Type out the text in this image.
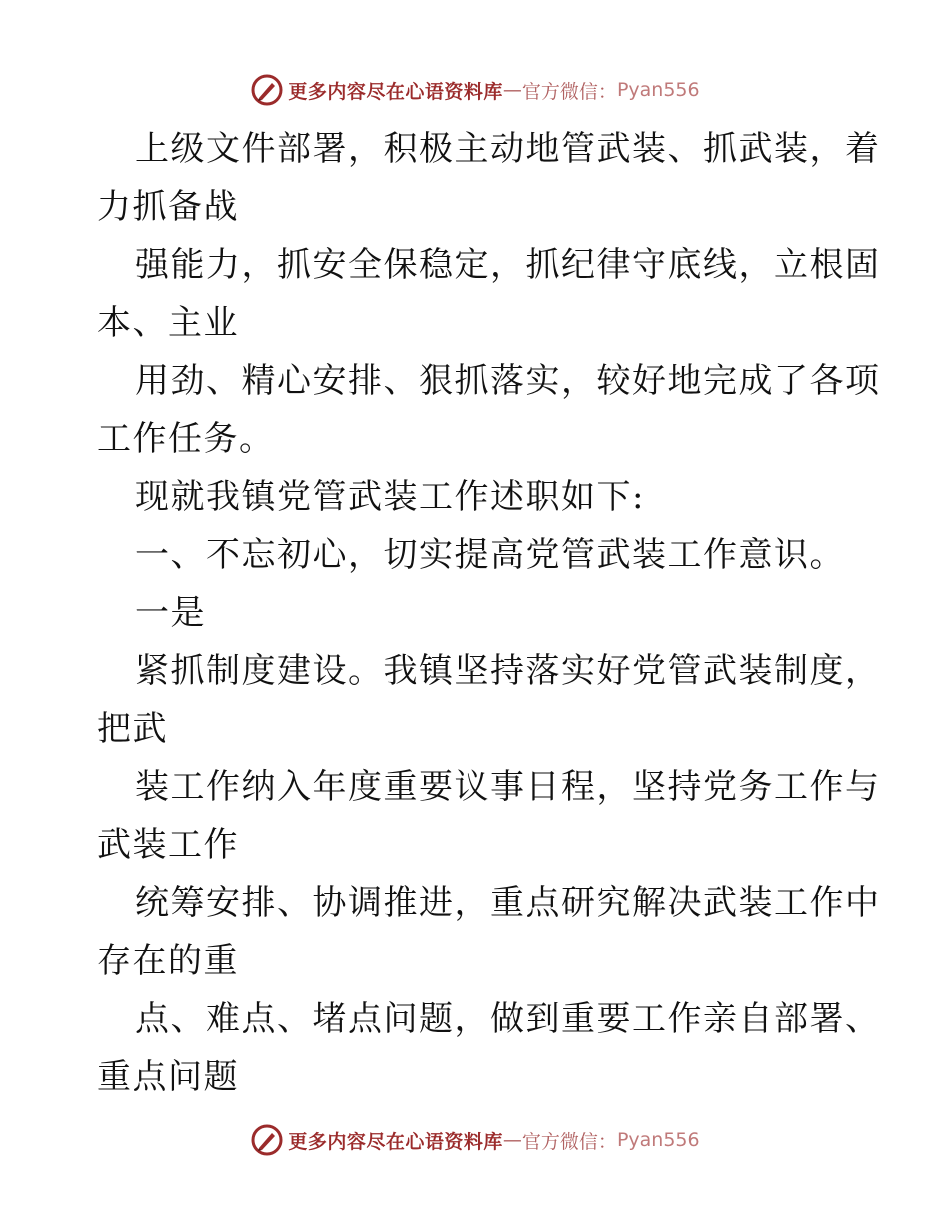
更多内容尽在心语资料库 — 官方微信： Pyan556
上级文件部署，积极主动地管武装、抓武装，着
力抓备战
强能力，抓安全保稳定，抓纪律守底线，立根固
本、主业
用劲、精心安排、狠抓落实，较好地完成了各项
工作任务。
现就我镇党管武装工作述职如下:
一、不忘初心，切实提高党管武装工作意识。
一是
紧抓制度建设。我镇坚持落实好党管武装制度，
把武
装工作纳入年度重要议事日程，坚持党务工作与
武装工作
统筹安排、协调推进，重点研究解决武装工作中
存在的重
点、难点、堵点问题，做到重要工作亲自部署、
重点问题
更多内容尽在心语资料库 — 官方微信： Pyan556
